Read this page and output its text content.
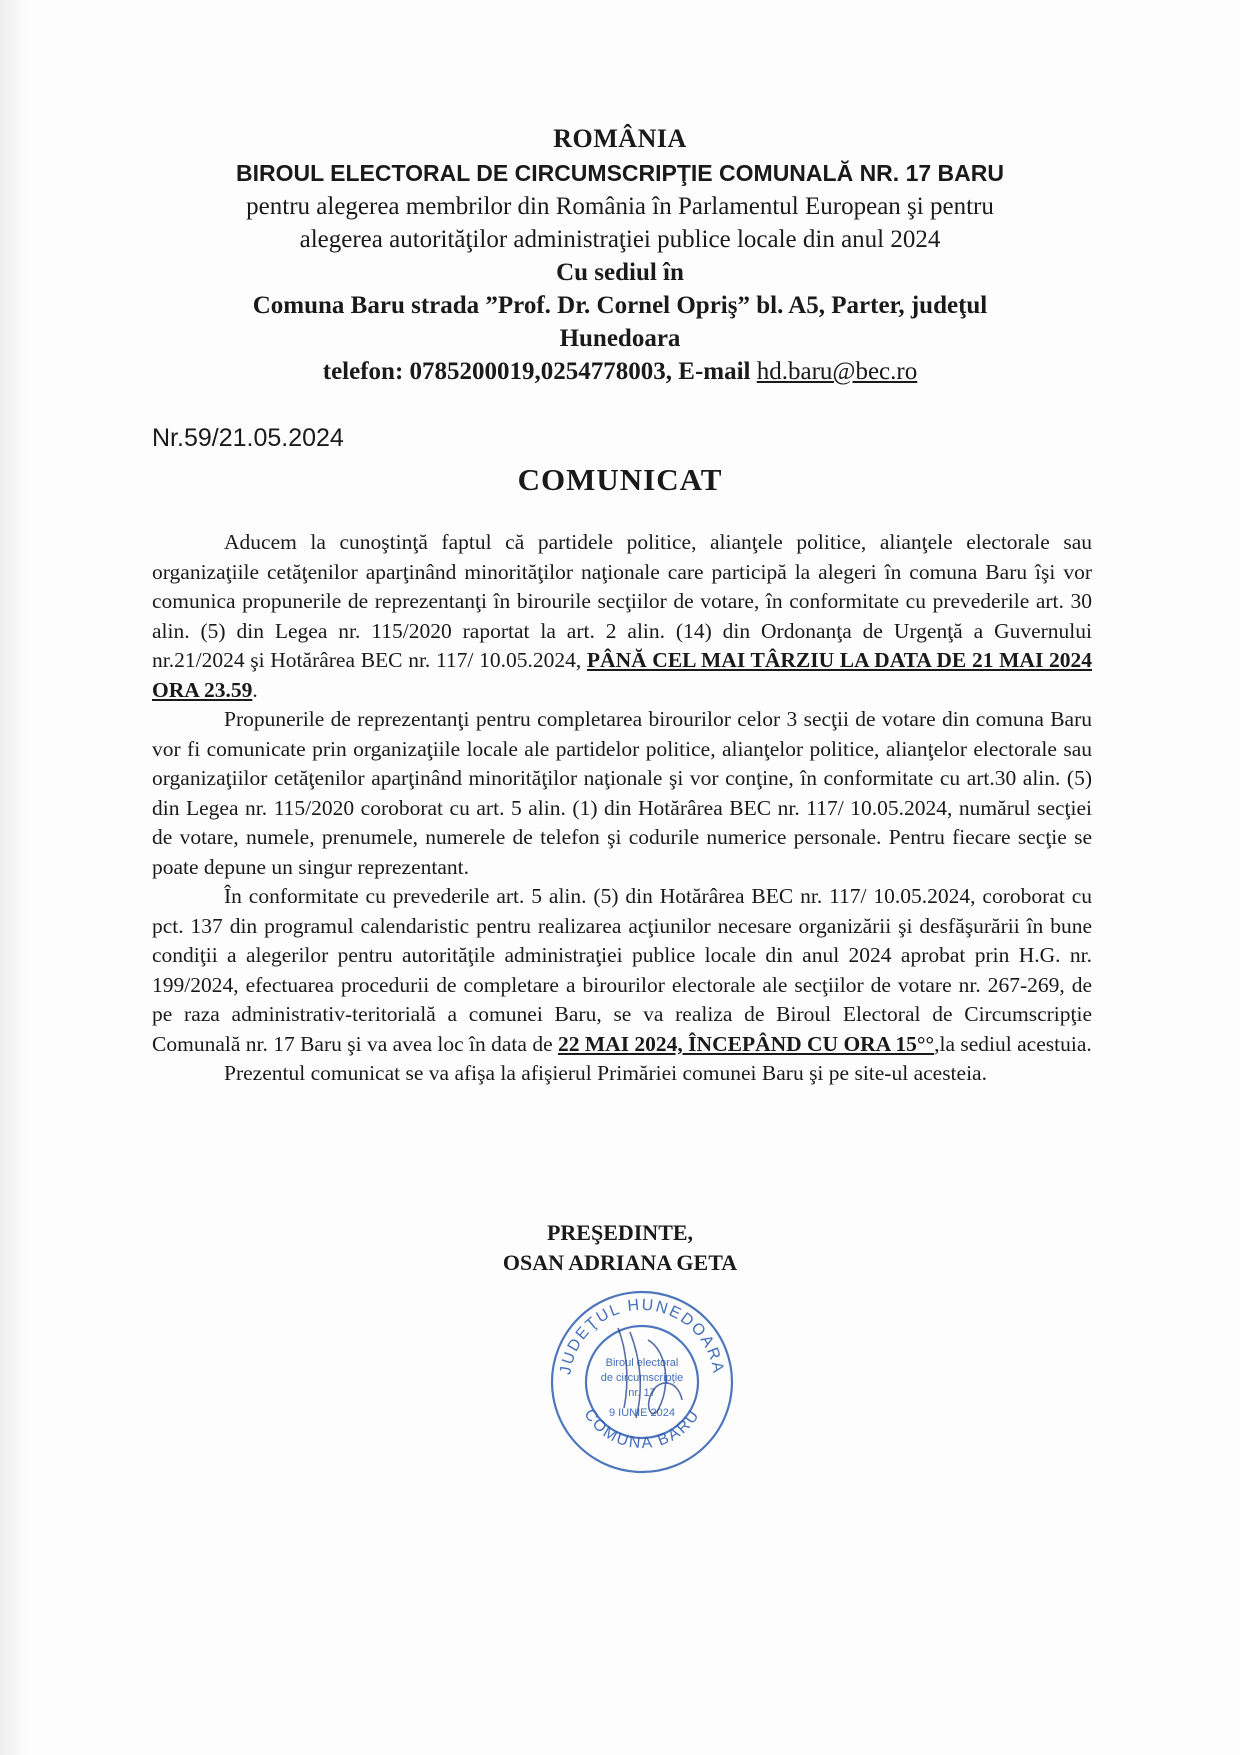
ROMÂNIA
BIROUL ELECTORAL DE CIRCUMSCRIPŢIE COMUNALĂ NR. 17 BARU
pentru alegerea membrilor din România în Parlamentul European şi pentru
alegerea autorităţilor administraţiei publice locale din anul 2024
Cu sediul în
Comuna Baru strada ”Prof. Dr. Cornel Opriş” bl. A5, Parter, judeţul
Hunedoara
telefon: 0785200019,0254778003, E-mail hd.baru@bec.ro
Nr.59/21.05.2024
COMUNICAT

Aducem la cunoştinţă faptul că partidele politice, alianţele politice, alianţele electorale sau organizaţiile cetăţenilor aparţinând minorităţilor naţionale care participă la alegeri în comuna Baru îşi vor comunica propunerile de reprezentanţi în birourile secţiilor de votare, în conformitate cu prevederile art. 30 alin. (5) din Legea nr. 115/2020 raportat la art. 2 alin. (14) din Ordonanţa de Urgenţă a Guvernului nr.21/2024 şi Hotărârea BEC nr. 117/ 10.05.2024, PÂNĂ CEL MAI TÂRZIU LA DATA DE 21 MAI 2024 ORA 23.59.

Propunerile de reprezentanţi pentru completarea birourilor celor 3 secţii de votare din comuna Baru vor fi comunicate prin organizaţiile locale ale partidelor politice, alianţelor politice, alianţelor electorale sau organizaţiilor cetăţenilor aparţinând minorităţilor naţionale şi vor conţine, în conformitate cu art.30 alin. (5) din Legea nr. 115/2020 coroborat cu art. 5 alin. (1) din Hotărârea BEC nr. 117/ 10.05.2024, numărul secţiei de votare, numele, prenumele, numerele de telefon şi codurile numerice personale. Pentru fiecare secţie se poate depune un singur reprezentant.

În conformitate cu prevederile art. 5 alin. (5) din Hotărârea BEC nr. 117/ 10.05.2024, coroborat cu pct. 137 din programul calendaristic pentru realizarea acţiunilor necesare organizării şi desfăşurării în bune condiţii a alegerilor pentru autorităţile administraţiei publice locale din anul 2024 aprobat prin H.G. nr. 199/2024, efectuarea procedurii de completare a birourilor electorale ale secţiilor de votare nr. 267-269, de pe raza administrativ-teritorială a comunei Baru, se va realiza de Biroul Electoral de Circumscripţie Comunală nr. 17 Baru şi va avea loc în data de 22 MAI 2024, ÎNCEPÂND CU ORA 15°°,la sediul acestuia.

Prezentul comunicat se va afişa la afişierul Primăriei comunei Baru şi pe site-ul acesteia.

PREŞEDINTE,
OSAN ADRIANA GETA
JUDEŢUL HUNEDOARA
COMUNA BARU
Biroul electoral
de circumscripţie
nr. 17
9 IUNIE 2024
